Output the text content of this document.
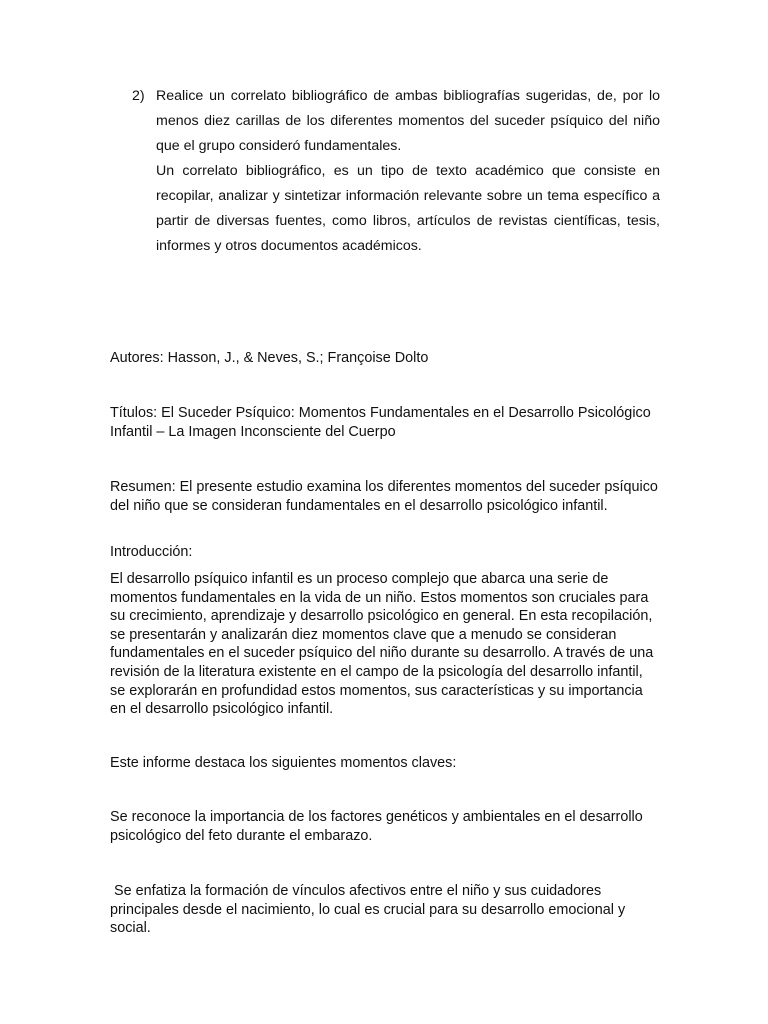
2) Realice un correlato bibliográfico de ambas bibliografías sugeridas, de, por lo menos diez carillas de los diferentes momentos del suceder psíquico del niño que el grupo consideró fundamentales.

Un correlato bibliográfico, es un tipo de texto académico que consiste en recopilar, analizar y sintetizar información relevante sobre un tema específico a partir de diversas fuentes, como libros, artículos de revistas científicas, tesis, informes y otros documentos académicos.

Autores: Hasson, J., & Neves, S.; Françoise Dolto

Títulos: El Suceder Psíquico: Momentos Fundamentales en el Desarrollo Psicológico Infantil – La Imagen Inconsciente del Cuerpo

Resumen: El presente estudio examina los diferentes momentos del suceder psíquico del niño que se consideran fundamentales en el desarrollo psicológico infantil.

Introducción:

El desarrollo psíquico infantil es un proceso complejo que abarca una serie de momentos fundamentales en la vida de un niño. Estos momentos son cruciales para su crecimiento, aprendizaje y desarrollo psicológico en general. En esta recopilación, se presentarán y analizarán diez momentos clave que a menudo se consideran fundamentales en el suceder psíquico del niño durante su desarrollo. A través de una revisión de la literatura existente en el campo de la psicología del desarrollo infantil, se explorarán en profundidad estos momentos, sus características y su importancia en el desarrollo psicológico infantil.

Este informe destaca los siguientes momentos claves:

Se reconoce la importancia de los factores genéticos y ambientales en el desarrollo psicológico del feto durante el embarazo.

Se enfatiza la formación de vínculos afectivos entre el niño y sus cuidadores principales desde el nacimiento, lo cual es crucial para su desarrollo emocional y social.
